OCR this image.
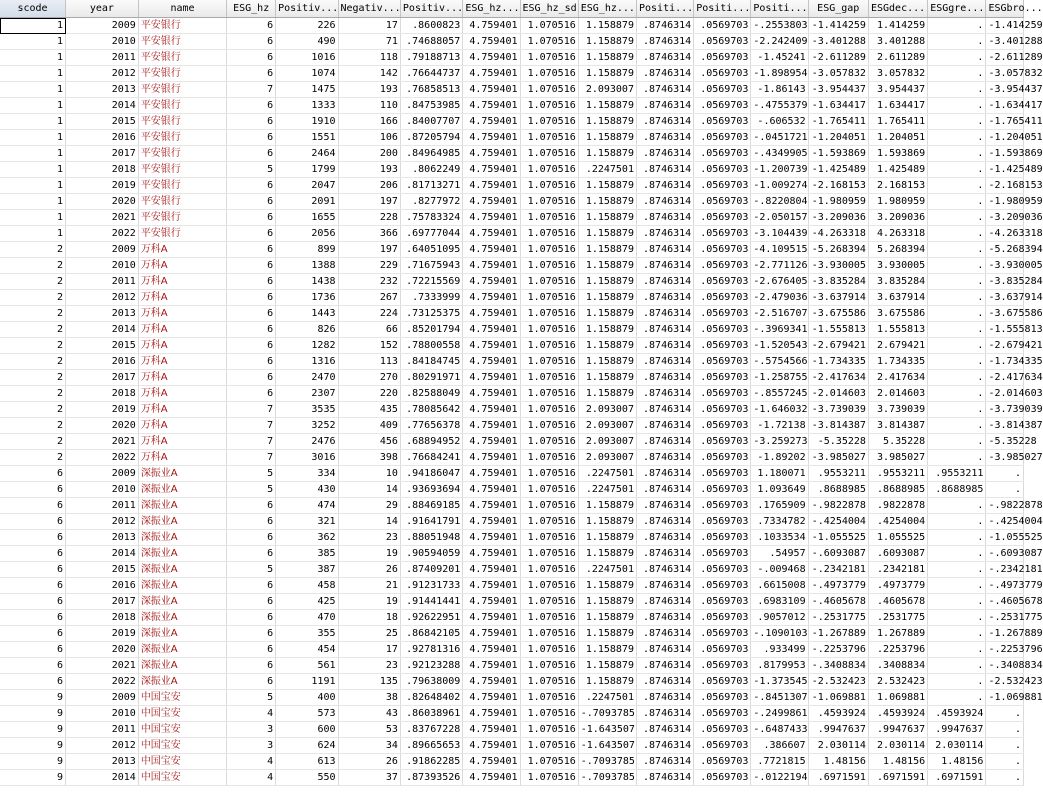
scode	year	name	ESG_hz	Positiv...	Negativ...	Positiv...	ESG_hz...	ESG_hz_sd	ESG_hz...	Positi...	Positi...	Positi...	ESG_gap	ESGdec...	ESGgre...	ESGbro...
1	2009	平安银行	6	226	17	.8600823	4.759401	1.070516	1.158879	.8746314	.0569703	-.2553803	-1.414259	1.414259	.	-1.414259
1	2010	平安银行	6	490	71	.74688057	4.759401	1.070516	1.158879	.8746314	.0569703	-2.242409	-3.401288	3.401288	.	-3.401288
1	2011	平安银行	6	1016	118	.79188713	4.759401	1.070516	1.158879	.8746314	.0569703	-1.45241	-2.611289	2.611289	.	-2.611289
1	2012	平安银行	6	1074	142	.76644737	4.759401	1.070516	1.158879	.8746314	.0569703	-1.898954	-3.057832	3.057832	.	-3.057832
1	2013	平安银行	7	1475	193	.76858513	4.759401	1.070516	2.093007	.8746314	.0569703	-1.86143	-3.954437	3.954437	.	-3.954437
1	2014	平安银行	6	1333	110	.84753985	4.759401	1.070516	1.158879	.8746314	.0569703	-.4755379	-1.634417	1.634417	.	-1.634417
1	2015	平安银行	6	1910	166	.84007707	4.759401	1.070516	1.158879	.8746314	.0569703	-.606532	-1.765411	1.765411	.	-1.765411
1	2016	平安银行	6	1551	106	.87205794	4.759401	1.070516	1.158879	.8746314	.0569703	-.0451721	-1.204051	1.204051	.	-1.204051
1	2017	平安银行	6	2464	200	.84964985	4.759401	1.070516	1.158879	.8746314	.0569703	-.4349905	-1.593869	1.593869	.	-1.593869
1	2018	平安银行	5	1799	193	.8062249	4.759401	1.070516	.2247501	.8746314	.0569703	-1.200739	-1.425489	1.425489	.	-1.425489
1	2019	平安银行	6	2047	206	.81713271	4.759401	1.070516	1.158879	.8746314	.0569703	-1.009274	-2.168153	2.168153	.	-2.168153
1	2020	平安银行	6	2091	197	.8277972	4.759401	1.070516	1.158879	.8746314	.0569703	-.8220804	-1.980959	1.980959	.	-1.980959
1	2021	平安银行	6	1655	228	.75783324	4.759401	1.070516	1.158879	.8746314	.0569703	-2.050157	-3.209036	3.209036	.	-3.209036
1	2022	平安银行	6	2056	366	.69777044	4.759401	1.070516	1.158879	.8746314	.0569703	-3.104439	-4.263318	4.263318	.	-4.263318
2	2009	万科A	6	899	197	.64051095	4.759401	1.070516	1.158879	.8746314	.0569703	-4.109515	-5.268394	5.268394	.	-5.268394
2	2010	万科A	6	1388	229	.71675943	4.759401	1.070516	1.158879	.8746314	.0569703	-2.771126	-3.930005	3.930005	.	-3.930005
2	2011	万科A	6	1438	232	.72215569	4.759401	1.070516	1.158879	.8746314	.0569703	-2.676405	-3.835284	3.835284	.	-3.835284
2	2012	万科A	6	1736	267	.7333999	4.759401	1.070516	1.158879	.8746314	.0569703	-2.479036	-3.637914	3.637914	.	-3.637914
2	2013	万科A	6	1443	224	.73125375	4.759401	1.070516	1.158879	.8746314	.0569703	-2.516707	-3.675586	3.675586	.	-3.675586
2	2014	万科A	6	826	66	.85201794	4.759401	1.070516	1.158879	.8746314	.0569703	-.3969341	-1.555813	1.555813	.	-1.555813
2	2015	万科A	6	1282	152	.78800558	4.759401	1.070516	1.158879	.8746314	.0569703	-1.520543	-2.679421	2.679421	.	-2.679421
2	2016	万科A	6	1316	113	.84184745	4.759401	1.070516	1.158879	.8746314	.0569703	-.5754566	-1.734335	1.734335	.	-1.734335
2	2017	万科A	6	2470	270	.80291971	4.759401	1.070516	1.158879	.8746314	.0569703	-1.258755	-2.417634	2.417634	.	-2.417634
2	2018	万科A	6	2307	220	.82588049	4.759401	1.070516	1.158879	.8746314	.0569703	-.8557245	-2.014603	2.014603	.	-2.014603
2	2019	万科A	7	3535	435	.78085642	4.759401	1.070516	2.093007	.8746314	.0569703	-1.646032	-3.739039	3.739039	.	-3.739039
2	2020	万科A	7	3252	409	.77656378	4.759401	1.070516	2.093007	.8746314	.0569703	-1.72138	-3.814387	3.814387	.	-3.814387
2	2021	万科A	7	2476	456	.68894952	4.759401	1.070516	2.093007	.8746314	.0569703	-3.259273	-5.35228	5.35228	.	-5.35228
2	2022	万科A	7	3016	398	.76684241	4.759401	1.070516	2.093007	.8746314	.0569703	-1.89202	-3.985027	3.985027	.	-3.985027
6	2009	深振业A	5	334	10	.94186047	4.759401	1.070516	.2247501	.8746314	.0569703	1.180071	.9553211	.9553211	.9553211	.
6	2010	深振业A	5	430	14	.93693694	4.759401	1.070516	.2247501	.8746314	.0569703	1.093649	.8688985	.8688985	.8688985	.
6	2011	深振业A	6	474	29	.88469185	4.759401	1.070516	1.158879	.8746314	.0569703	.1765909	-.9822878	.9822878	.	-.9822878
6	2012	深振业A	6	321	14	.91641791	4.759401	1.070516	1.158879	.8746314	.0569703	.7334782	-.4254004	.4254004	.	-.4254004
6	2013	深振业A	6	362	23	.88051948	4.759401	1.070516	1.158879	.8746314	.0569703	.1033534	-1.055525	1.055525	.	-1.055525
6	2014	深振业A	6	385	19	.90594059	4.759401	1.070516	1.158879	.8746314	.0569703	.54957	-.6093087	.6093087	.	-.6093087
6	2015	深振业A	5	387	26	.87409201	4.759401	1.070516	.2247501	.8746314	.0569703	-.009468	-.2342181	.2342181	.	-.2342181
6	2016	深振业A	6	458	21	.91231733	4.759401	1.070516	1.158879	.8746314	.0569703	.6615008	-.4973779	.4973779	.	-.4973779
6	2017	深振业A	6	425	19	.91441441	4.759401	1.070516	1.158879	.8746314	.0569703	.6983109	-.4605678	.4605678	.	-.4605678
6	2018	深振业A	6	470	18	.92622951	4.759401	1.070516	1.158879	.8746314	.0569703	.9057012	-.2531775	.2531775	.	-.2531775
6	2019	深振业A	6	355	25	.86842105	4.759401	1.070516	1.158879	.8746314	.0569703	-.1090103	-1.267889	1.267889	.	-1.267889
6	2020	深振业A	6	454	17	.92781316	4.759401	1.070516	1.158879	.8746314	.0569703	.933499	-.2253796	.2253796	.	-.2253796
6	2021	深振业A	6	561	23	.92123288	4.759401	1.070516	1.158879	.8746314	.0569703	.8179953	-.3408834	.3408834	.	-.3408834
6	2022	深振业A	6	1191	135	.79638009	4.759401	1.070516	1.158879	.8746314	.0569703	-1.373545	-2.532423	2.532423	.	-2.532423
9	2009	中国宝安	5	400	38	.82648402	4.759401	1.070516	.2247501	.8746314	.0569703	-.8451307	-1.069881	1.069881	.	-1.069881
9	2010	中国宝安	4	573	43	.86038961	4.759401	1.070516	-.7093785	.8746314	.0569703	-.2499861	.4593924	.4593924	.4593924	.
9	2011	中国宝安	3	600	53	.83767228	4.759401	1.070516	-1.643507	.8746314	.0569703	-.6487433	.9947637	.9947637	.9947637	.
9	2012	中国宝安	3	624	34	.89665653	4.759401	1.070516	-1.643507	.8746314	.0569703	.386607	2.030114	2.030114	2.030114	.
9	2013	中国宝安	4	613	26	.91862285	4.759401	1.070516	-.7093785	.8746314	.0569703	.7721815	1.48156	1.48156	1.48156	.
9	2014	中国宝安	4	550	37	.87393526	4.759401	1.070516	-.7093785	.8746314	.0569703	-.0122194	.6971591	.6971591	.6971591	.
